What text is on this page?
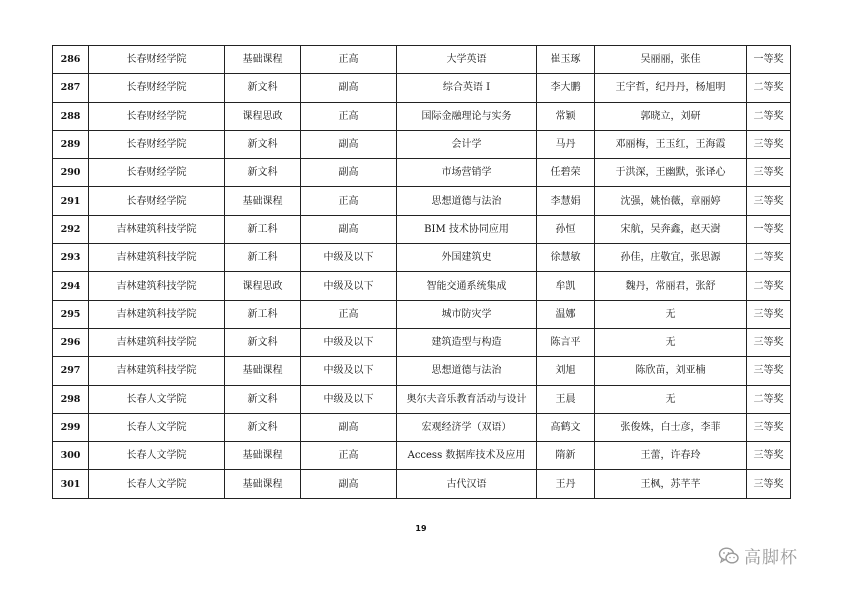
286	长春财经学院	基础课程	正高	大学英语	崔玉琢	吴丽丽，张佳	一等奖
287	长春财经学院	新文科	副高	综合英语 I	李大鹏	王宇哲，纪丹丹，杨旭明	二等奖
288	长春财经学院	课程思政	正高	国际金融理论与实务	常颖	郭晓立，刘研	二等奖
289	长春财经学院	新文科	副高	会计学	马丹	邓丽梅，王玉红，王海霞	三等奖
290	长春财经学院	新文科	副高	市场营销学	任碧荣	于洪深，王幽默，张译心	三等奖
291	长春财经学院	基础课程	正高	思想道德与法治	李慧娟	沈强，姚怡薇，章丽婷	三等奖
292	吉林建筑科技学院	新工科	副高	BIM 技术协同应用	孙恒	宋航，吴奔鑫，赵天澍	一等奖
293	吉林建筑科技学院	新工科	中级及以下	外国建筑史	徐慧敏	孙佳，庄敬宜，张思源	二等奖
294	吉林建筑科技学院	课程思政	中级及以下	智能交通系统集成	牟凯	魏丹，常丽君，张舒	二等奖
295	吉林建筑科技学院	新工科	正高	城市防灾学	温娜	无	三等奖
296	吉林建筑科技学院	新文科	中级及以下	建筑造型与构造	陈言平	无	三等奖
297	吉林建筑科技学院	基础课程	中级及以下	思想道德与法治	刘旭	陈欣苗，刘亚楠	三等奖
298	长春人文学院	新文科	中级及以下	奥尔夫音乐教育活动与设计	王晨	无	二等奖
299	长春人文学院	新文科	副高	宏观经济学（双语）	高鹤文	张俊姝，白士彦，李菲	三等奖
300	长春人文学院	基础课程	正高	Access 数据库技术及应用	隋新	王蕾，许春玲	三等奖
301	长春人文学院	基础课程	副高	古代汉语	王丹	王枫，苏芊芊	三等奖
19
高脚杯
